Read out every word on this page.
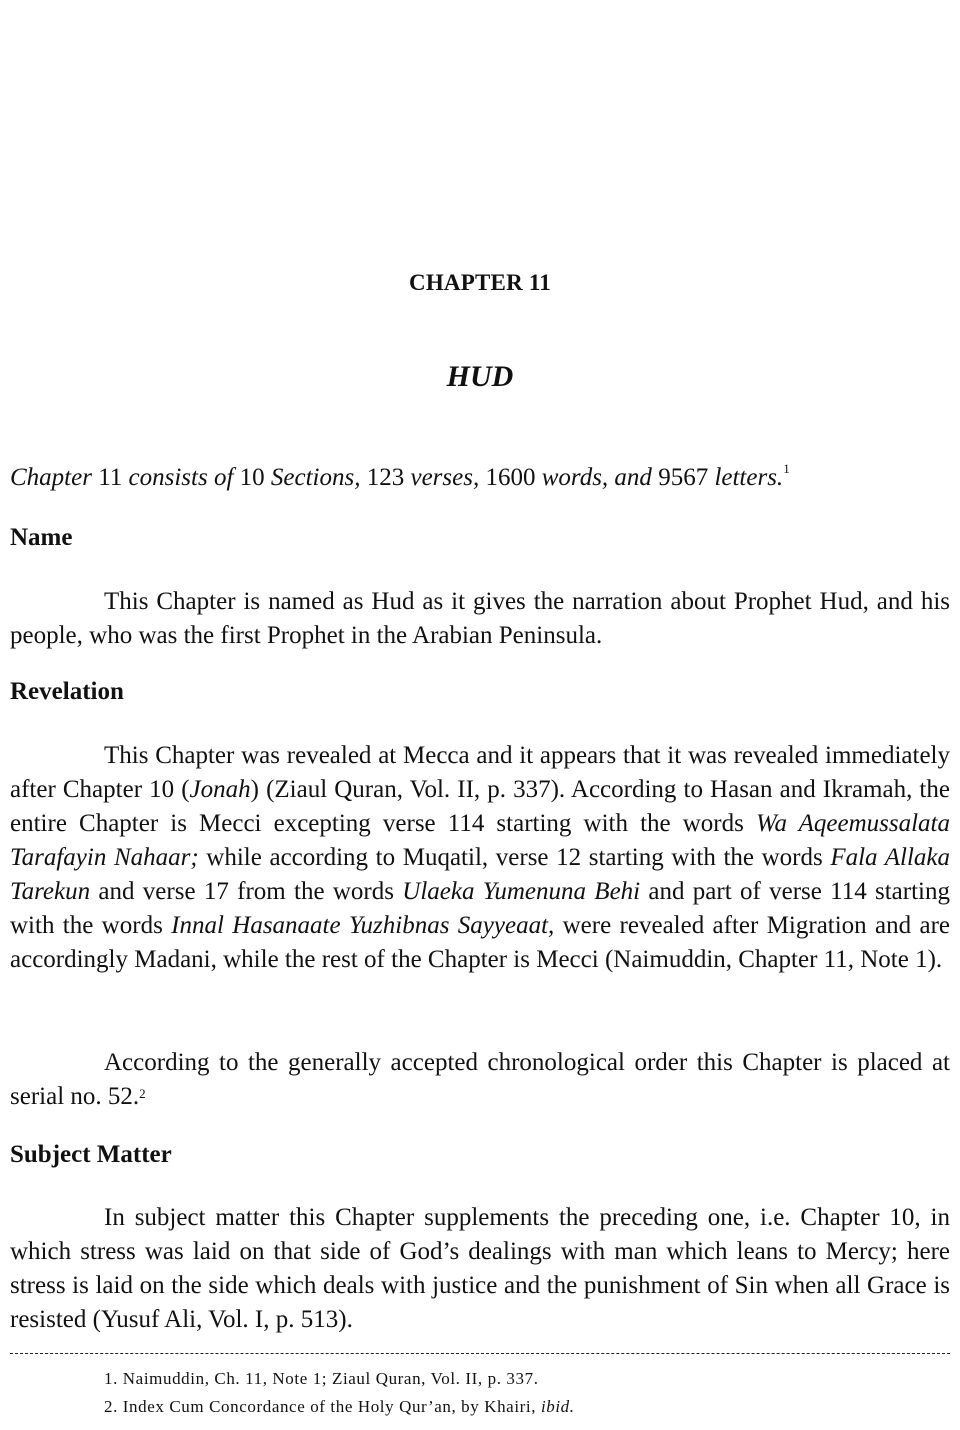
CHAPTER 11
HUD
Chapter 11 consists of 10 Sections, 123 verses, 1600 words, and 9567 letters.$^1$
Name
This Chapter is named as Hud as it gives the narration about Prophet Hud, and his people, who was the first Prophet in the Arabian Peninsula.
Revelation
This Chapter was revealed at Mecca and it appears that it was revealed immediately after Chapter 10 (Jonah) (Ziaul Quran, Vol. II, p. 337). According to Hasan and Ikramah, the entire Chapter is Mecci excepting verse 114 starting with the words Wa Aqeemussalata Tarafayin Nahaar; while according to Muqatil, verse 12 starting with the words Fala Allaka Tarekun and verse 17 from the words Ulaeka Yumenuna Behi and part of verse 114 starting with the words Innal Hasanaate Yuzhibnas Sayyeaat, were revealed after Migration and are accordingly Madani, while the rest of the Chapter is Mecci (Naimuddin, Chapter 11, Note 1).
According to the generally accepted chronological order this Chapter is placed at serial no. 52.$^2$
Subject Matter
In subject matter this Chapter supplements the preceding one, i.e. Chapter 10, in which stress was laid on that side of God’s dealings with man which leans to Mercy; here stress is laid on the side which deals with justice and the punishment of Sin when all Grace is resisted (Yusuf Ali, Vol. I, p. 513).
1. Naimuddin, Ch. 11, Note 1; Ziaul Quran, Vol. II, p. 337.
2. Index Cum Concordance of the Holy Qur’an, by Khairi, ibid.
